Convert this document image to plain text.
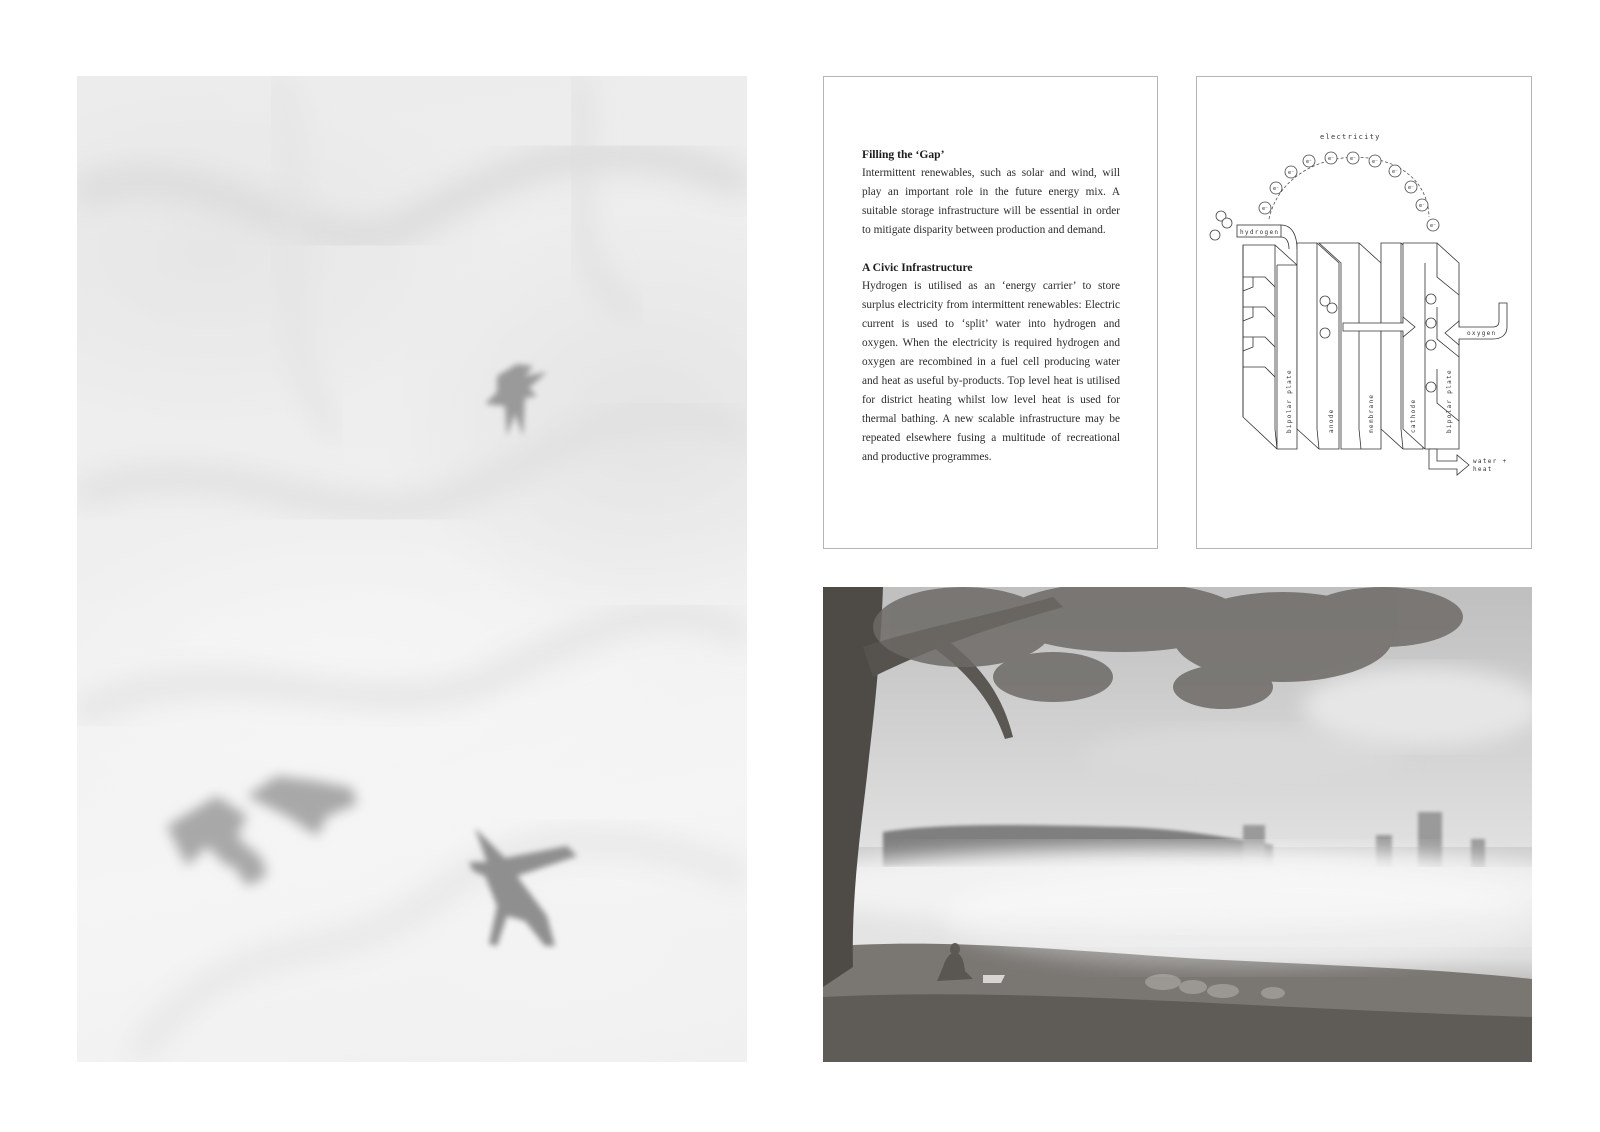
Filling the ‘Gap’

Intermittent renewables, such as solar and wind, will play an important role in the future energy mix. A suitable storage infrastructure will be essential in order to mitigate disparity between production and demand.

A Civic Infrastructure

Hydrogen is utilised as an ‘energy carrier’ to store surplus electricity from intermittent renewables: Electric current is used to ‘split’ water into hydrogen and oxygen. When the electricity is required hydrogen and oxygen are recombined in a fuel cell producing water and heat as useful by-products. Top level heat is utilised for district heating whilst low level heat is used for thermal bathing. A new scalable infrastructure may be repeated elsewhere fusing a multitude of recreational and productive programmes.

electricity
e⁻
e⁻
e⁻
e⁻	e⁻	e⁻	e⁻
e⁻
e⁻
e⁻
e⁻
hydrogen
oxygen
water +
heat
bipolar plate	anode	membrane	cathode	bipolar plate
